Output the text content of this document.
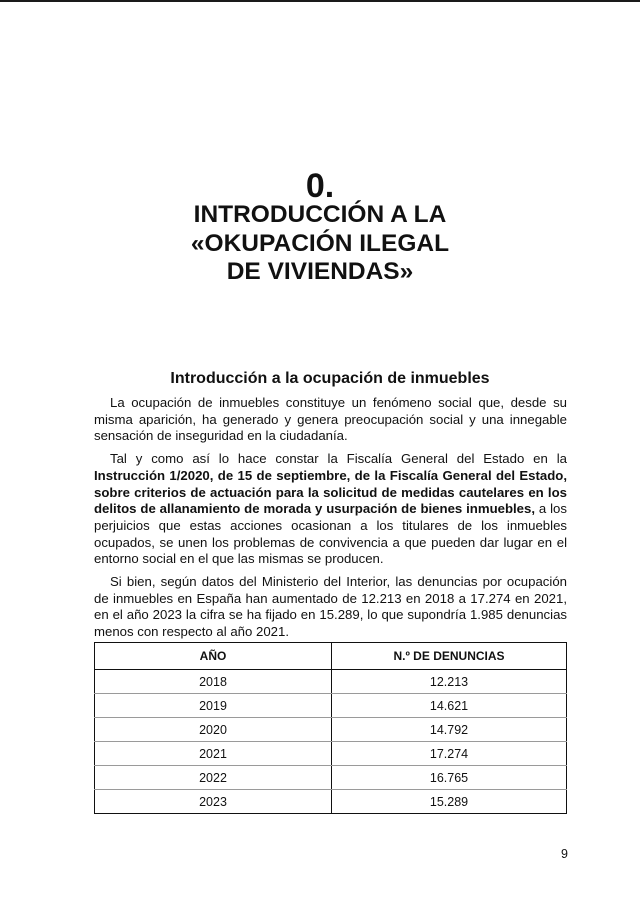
0.
INTRODUCCIÓN A LA
«OKUPACIÓN ILEGAL
DE VIVIENDAS»
Introducción a la ocupación de inmuebles

La ocupación de inmuebles constituye un fenómeno social que, desde su misma aparición, ha generado y genera preocupación social y una innegable sensación de inseguridad en la ciudadanía.

Tal y como así lo hace constar la Fiscalía General del Estado en la Instrucción 1/2020, de 15 de septiembre, de la Fiscalía General del Estado, sobre criterios de actuación para la solicitud de medidas cautelares en los delitos de allanamiento de morada y usurpación de bienes inmuebles, a los perjuicios que estas acciones ocasionan a los titulares de los inmuebles ocupados, se unen los problemas de convivencia a que pueden dar lugar en el entorno social en el que las mismas se producen.

Si bien, según datos del Ministerio del Interior, las denuncias por ocupación de inmuebles en España han aumentado de 12.213 en 2018 a 17.274 en 2021, en el año 2023 la cifra se ha fijado en 15.289, lo que supondría 1.985 denuncias menos con respecto al año 2021.

AÑO	N.º DE DENUNCIAS
2018	12.213
2019	14.621
2020	14.792
2021	17.274
2022	16.765
2023	15.289
9
